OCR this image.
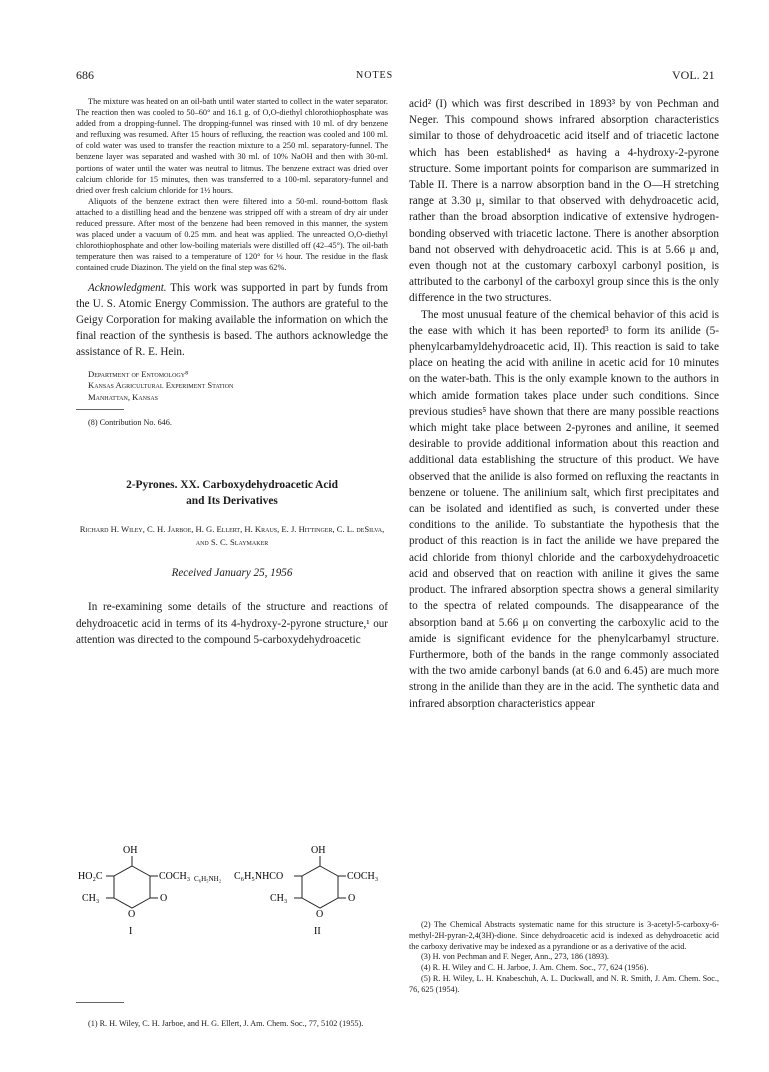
686	NOTES	VOL. 21

The mixture was heated on an oil-bath until water started to collect in the water separator. The reaction then was cooled to 50–60° and 16.1 g. of O,O-diethyl chlorothiophosphate was added from a dropping-funnel. The dropping-funnel was rinsed with 10 ml. of dry benzene and refluxing was resumed. After 15 hours of refluxing, the reaction was cooled and 100 ml. of cold water was used to transfer the reaction mixture to a 250 ml. separatory-funnel. The benzene layer was separated and washed with 30 ml. of 10% NaOH and then with 30-ml. portions of water until the water was neutral to litmus. The benzene extract was dried over calcium chloride for 15 minutes, then was transferred to a 100-ml. separatory-funnel and dried over fresh calcium chloride for 1½ hours.

Aliquots of the benzene extract then were filtered into a 50-ml. round-bottom flask attached to a distilling head and the benzene was stripped off with a stream of dry air under reduced pressure. After most of the benzene had been removed in this manner, the system was placed under a vacuum of 0.25 mm. and heat was applied. The unreacted O,O-diethyl chlorothiophosphate and other low-boiling materials were distilled off (42–45°). The oil-bath temperature then was raised to a temperature of 120° for ½ hour. The residue in the flask contained crude Diazinon. The yield on the final step was 62%.

Acknowledgment. This work was supported in part by funds from the U. S. Atomic Energy Commission. The authors are grateful to the Geigy Corporation for making available the information on which the final reaction of the synthesis is based. The authors acknowledge the assistance of R. E. Hein.

Department of Entomology⁸
Kansas Agricultural Experiment Station
Manhattan, Kansas

(8) Contribution No. 646.

2-Pyrones. XX. Carboxydehydroacetic Acid
and Its Derivatives

Richard H. Wiley, C. H. Jarboe, H. G. Ellert, H. Kraus, E. J. Hittinger, C. L. deSilva, and S. C. Slaymaker

Received January 25, 1956

In re-examining some details of the structure and reactions of dehydroacetic acid in terms of its 4-hydroxy-2-pyrone structure,¹ our attention was directed to the compound 5-carboxydehydroacetic

acid² (I) which was first described in 1893³ by von Pechman and Neger. This compound shows infrared absorption characteristics similar to those of dehydroacetic acid itself and of triacetic lactone which has been established⁴ as having a 4-hydroxy-2-pyrone structure. Some important points for comparison are summarized in Table II. There is a narrow absorption band in the O—H stretching range at 3.30 μ, similar to that observed with dehydroacetic acid, rather than the broad absorption indicative of extensive hydrogen-bonding observed with triacetic lactone. There is another absorption band not observed with dehydroacetic acid. This is at 5.66 μ and, even though not at the customary carboxyl carbonyl position, is attributed to the carbonyl of the carboxyl group since this is the only difference in the two structures.

The most unusual feature of the chemical behavior of this acid is the ease with which it has been reported³ to form its anilide (5-phenylcarbamyldehydroacetic acid, II). This reaction is said to take place on heating the acid with aniline in acetic acid for 10 minutes on the water-bath. This is the only example known to the authors in which amide formation takes place under such conditions. Since previous studies⁵ have shown that there are many possible reactions which might take place between 2-pyrones and aniline, it seemed desirable to provide additional information about this reaction and additional data establishing the structure of this product. We have observed that the anilide is also formed on refluxing the reactants in benzene or toluene. The anilinium salt, which first precipitates and can be isolated and identified as such, is converted under these conditions to the anilide. To substantiate the hypothesis that the product of this reaction is in fact the anilide we have prepared the acid chloride from thionyl chloride and the carboxydehydroacetic acid and observed that on reaction with aniline it gives the same product. The infrared absorption spectra shows a general similarity to the spectra of related compounds. The disappearance of the absorption band at 5.66 μ on converting the carboxylic acid to the amide is significant evidence for the phenylcarbamyl structure. Furthermore, both of the bands in the range commonly associated with the two amide carbonyl bands (at 6.0 and 6.45) are much more strong in the anilide than they are in the acid. The synthetic data and infrared absorption characteristics appear

OH
HO₂C	COCH₃
CH₃	O
O
I
C₆H₅NH₂
OH
C₆H₅NHCO	COCH₃
CH₃	O
O
II

(1) R. H. Wiley, C. H. Jarboe, and H. G. Ellert, J. Am. Chem. Soc., 77, 5102 (1955).

(2) The Chemical Abstracts systematic name for this structure is 3-acetyl-5-carboxy-6-methyl-2H-pyran-2,4(3H)-dione. Since dehydroacetic acid is indexed as dehydroacetic acid the carboxy derivative may be indexed as a pyrandione or as a derivative of the acid.

(3) H. von Pechman and F. Neger, Ann., 273, 186 (1893).

(4) R. H. Wiley and C. H. Jarboe, J. Am. Chem. Soc., 77, 624 (1956).

(5) R. H. Wiley, L. H. Knabeschuh, A. L. Duckwall, and N. R. Smith, J. Am. Chem. Soc., 76, 625 (1954).
